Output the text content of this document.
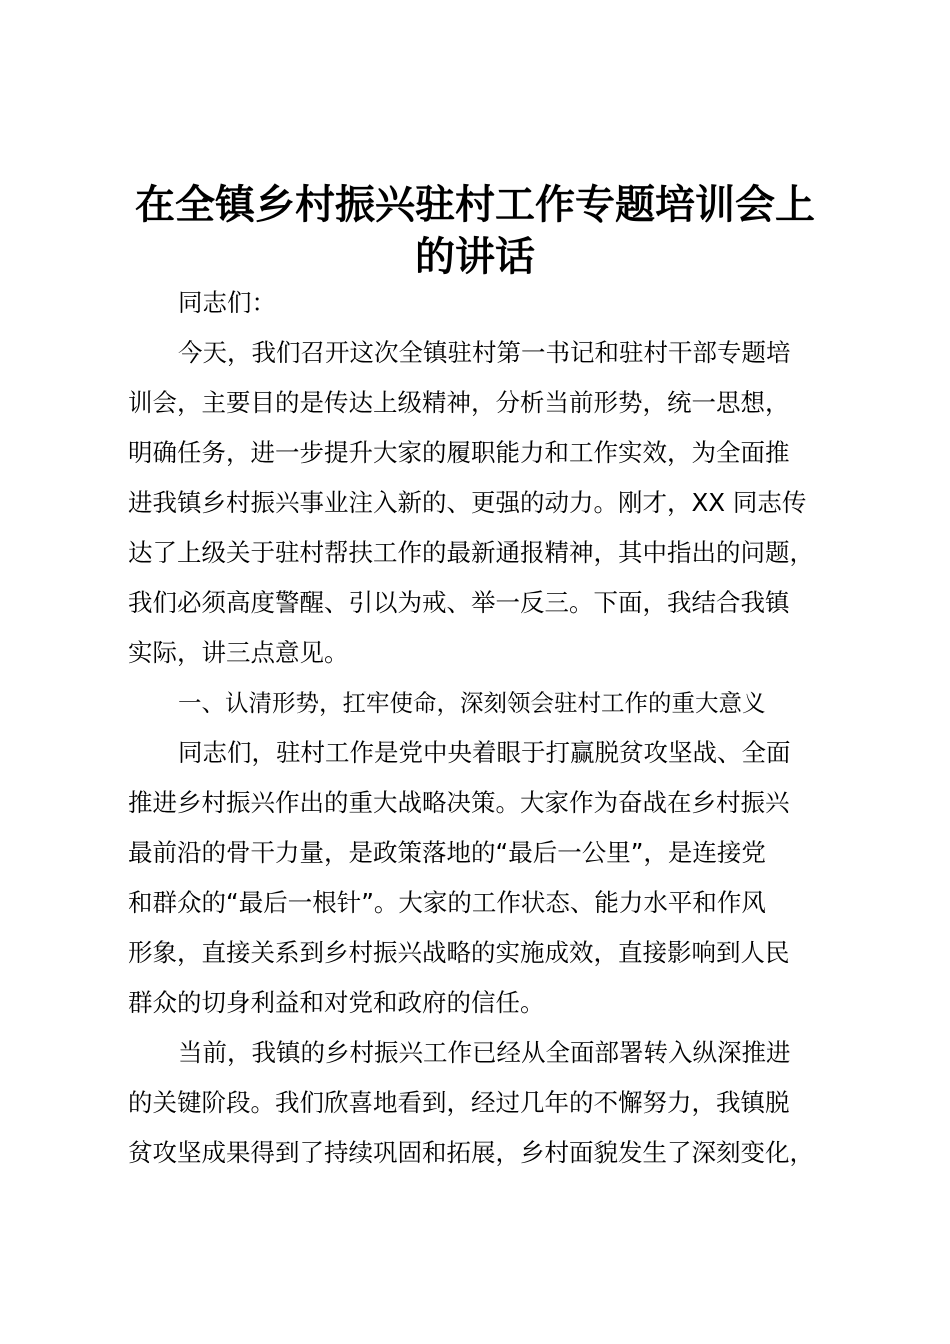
在全镇乡村振兴驻村工作专题培训会上
的讲话
同志们：
今天，我们召开这次全镇驻村第一书记和驻村干部专题培
训会，主要目的是传达上级精神，分析当前形势，统一思想，
明确任务，进一步提升大家的履职能力和工作实效，为全面推
进我镇乡村振兴事业注入新的、更强的动力。刚才，XX 同志传
达了上级关于驻村帮扶工作的最新通报精神，其中指出的问题，
我们必须高度警醒、引以为戒、举一反三。下面，我结合我镇
实际，讲三点意见。
一、认清形势，扛牢使命，深刻领会驻村工作的重大意义
同志们，驻村工作是党中央着眼于打赢脱贫攻坚战、全面
推进乡村振兴作出的重大战略决策。大家作为奋战在乡村振兴
最前沿的骨干力量，是政策落地的“最后一公里”，是连接党
和群众的“最后一根针”。大家的工作状态、能力水平和作风
形象，直接关系到乡村振兴战略的实施成效，直接影响到人民
群众的切身利益和对党和政府的信任。
当前，我镇的乡村振兴工作已经从全面部署转入纵深推进
的关键阶段。我们欣喜地看到，经过几年的不懈努力，我镇脱
贫攻坚成果得到了持续巩固和拓展，乡村面貌发生了深刻变化，
